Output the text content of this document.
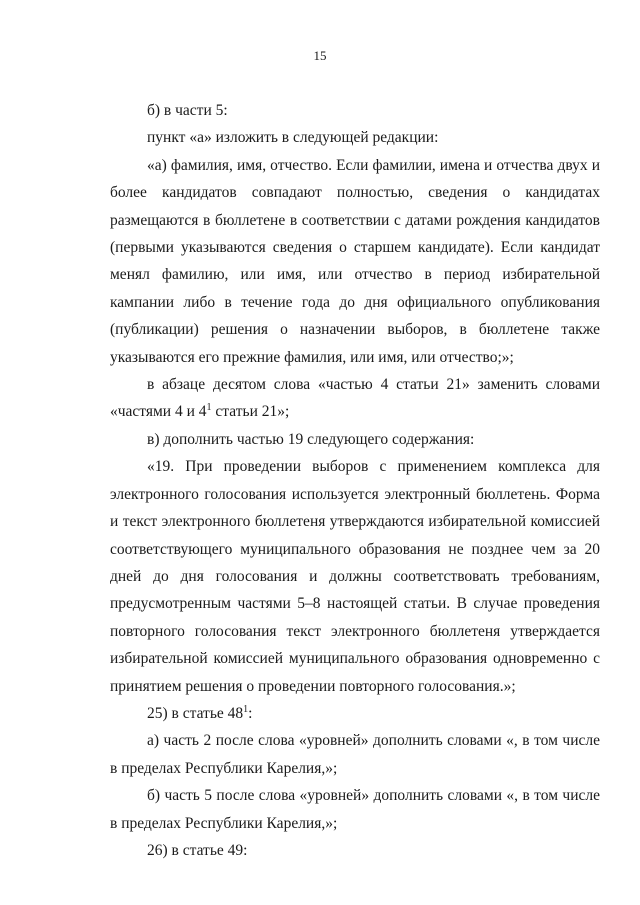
15

б) в части 5:

пункт «а» изложить в следующей редакции:

«а) фамилия, имя, отчество. Если фамилии, имена и отчества двух и более кандидатов совпадают полностью, сведения о кандидатах размещаются в бюллетене в соответствии с датами рождения кандидатов (первыми указываются сведения о старшем кандидате). Если кандидат менял фамилию, или имя, или отчество в период избирательной кампании либо в течение года до дня официального опубликования (публикации) решения о назначении выборов, в бюллетене также указываются его прежние фамилия, или имя, или отчество;»;

в абзаце десятом слова «частью 4 статьи 21» заменить словами «частями 4 и $4^1$ статьи 21»;

в) дополнить частью 19 следующего содержания:

«19. При проведении выборов с применением комплекса для электронного голосования используется электронный бюллетень. Форма и текст электронного бюллетеня утверждаются избирательной комиссией соответствующего муниципального образования не позднее чем за 20 дней до дня голосования и должны соответствовать требованиям, предусмотренным частями 5–8 настоящей статьи. В случае проведения повторного голосования текст электронного бюллетеня утверждается избирательной комиссией муниципального образования одновременно с принятием решения о проведении повторного голосования.»;

25) в статье $48^1$:

а) часть 2 после слова «уровней» дополнить словами «, в том числе в пределах Республики Карелия,»;

б) часть 5 после слова «уровней» дополнить словами «, в том числе в пределах Республики Карелия,»;

26) в статье 49:
